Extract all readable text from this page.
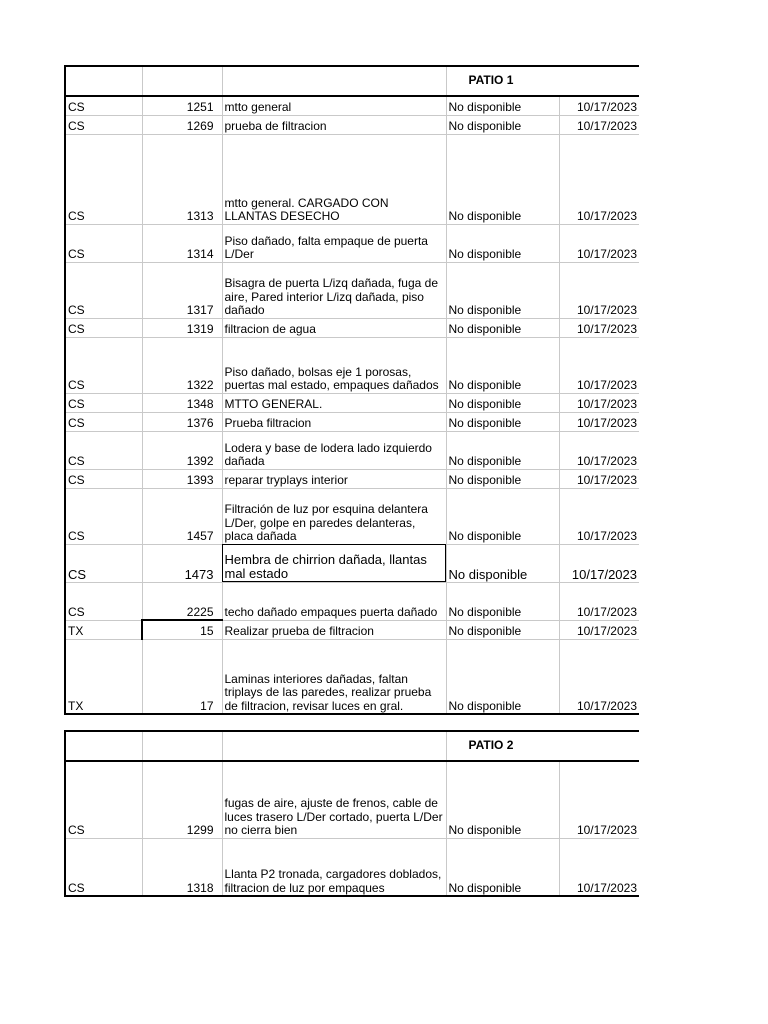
			PATIO 1	
CS	1251	mtto general	No disponible	10/17/2023
CS	1269	prueba de filtracion	No disponible	10/17/2023
CS	1313	mtto general. CARGADO CON LLANTAS DESECHO	No disponible	10/17/2023
CS	1314	Piso dañado, falta empaque de puerta L/Der	No disponible	10/17/2023
CS	1317	Bisagra de puerta L/izq dañada, fuga de aire, Pared interior L/izq dañada, piso dañado	No disponible	10/17/2023
CS	1319	filtracion de agua	No disponible	10/17/2023
CS	1322	Piso dañado, bolsas eje 1 porosas, puertas mal estado, empaques dañados	No disponible	10/17/2023
CS	1348	MTTO GENERAL.	No disponible	10/17/2023
CS	1376	Prueba filtracion	No disponible	10/17/2023
CS	1392	Lodera y base de lodera lado izquierdo dañada	No disponible	10/17/2023
CS	1393	reparar tryplays interior	No disponible	10/17/2023
CS	1457	Filtración de luz por esquina delantera L/Der, golpe en paredes delanteras, placa dañada	No disponible	10/17/2023
CS	1473	Hembra de chirrion dañada, llantas mal estado	No disponible	10/17/2023
CS	2225	techo dañado empaques puerta dañado	No disponible	10/17/2023
TX	15	Realizar prueba de filtracion	No disponible	10/17/2023
TX	17	Laminas interiores dañadas, faltan triplays de las paredes, realizar prueba de filtracion, revisar luces en gral.	No disponible	10/17/2023
			PATIO 2	
CS	1299	fugas de aire, ajuste de frenos, cable de luces trasero L/Der cortado, puerta L/Der no cierra bien	No disponible	10/17/2023
CS	1318	Llanta P2 tronada, cargadores doblados, filtracion de luz por empaques	No disponible	10/17/2023
